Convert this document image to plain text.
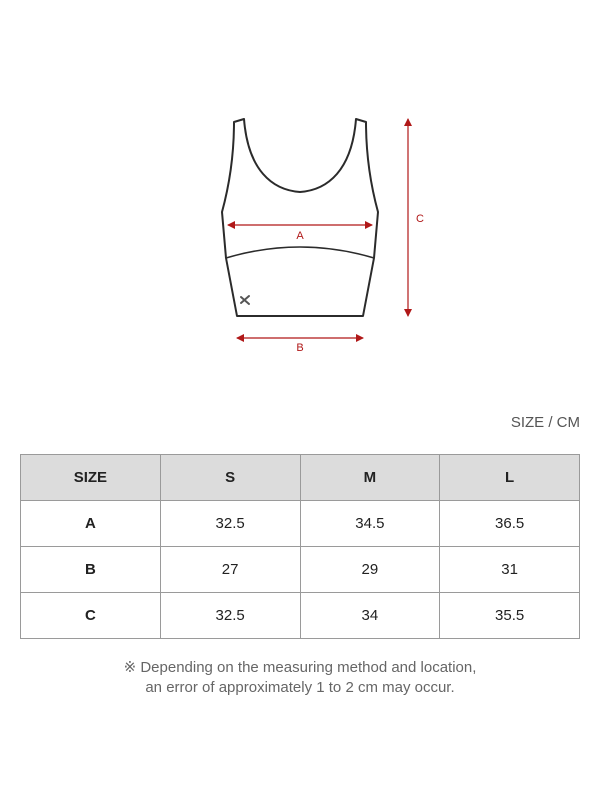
A
B
C
SIZE / CM
SIZE	S	M	L
A	32.5	34.5	36.5
B	27	29	31
C	32.5	34	35.5
※ Depending on the measuring method and location,
an error of approximately 1 to 2 cm may occur.
